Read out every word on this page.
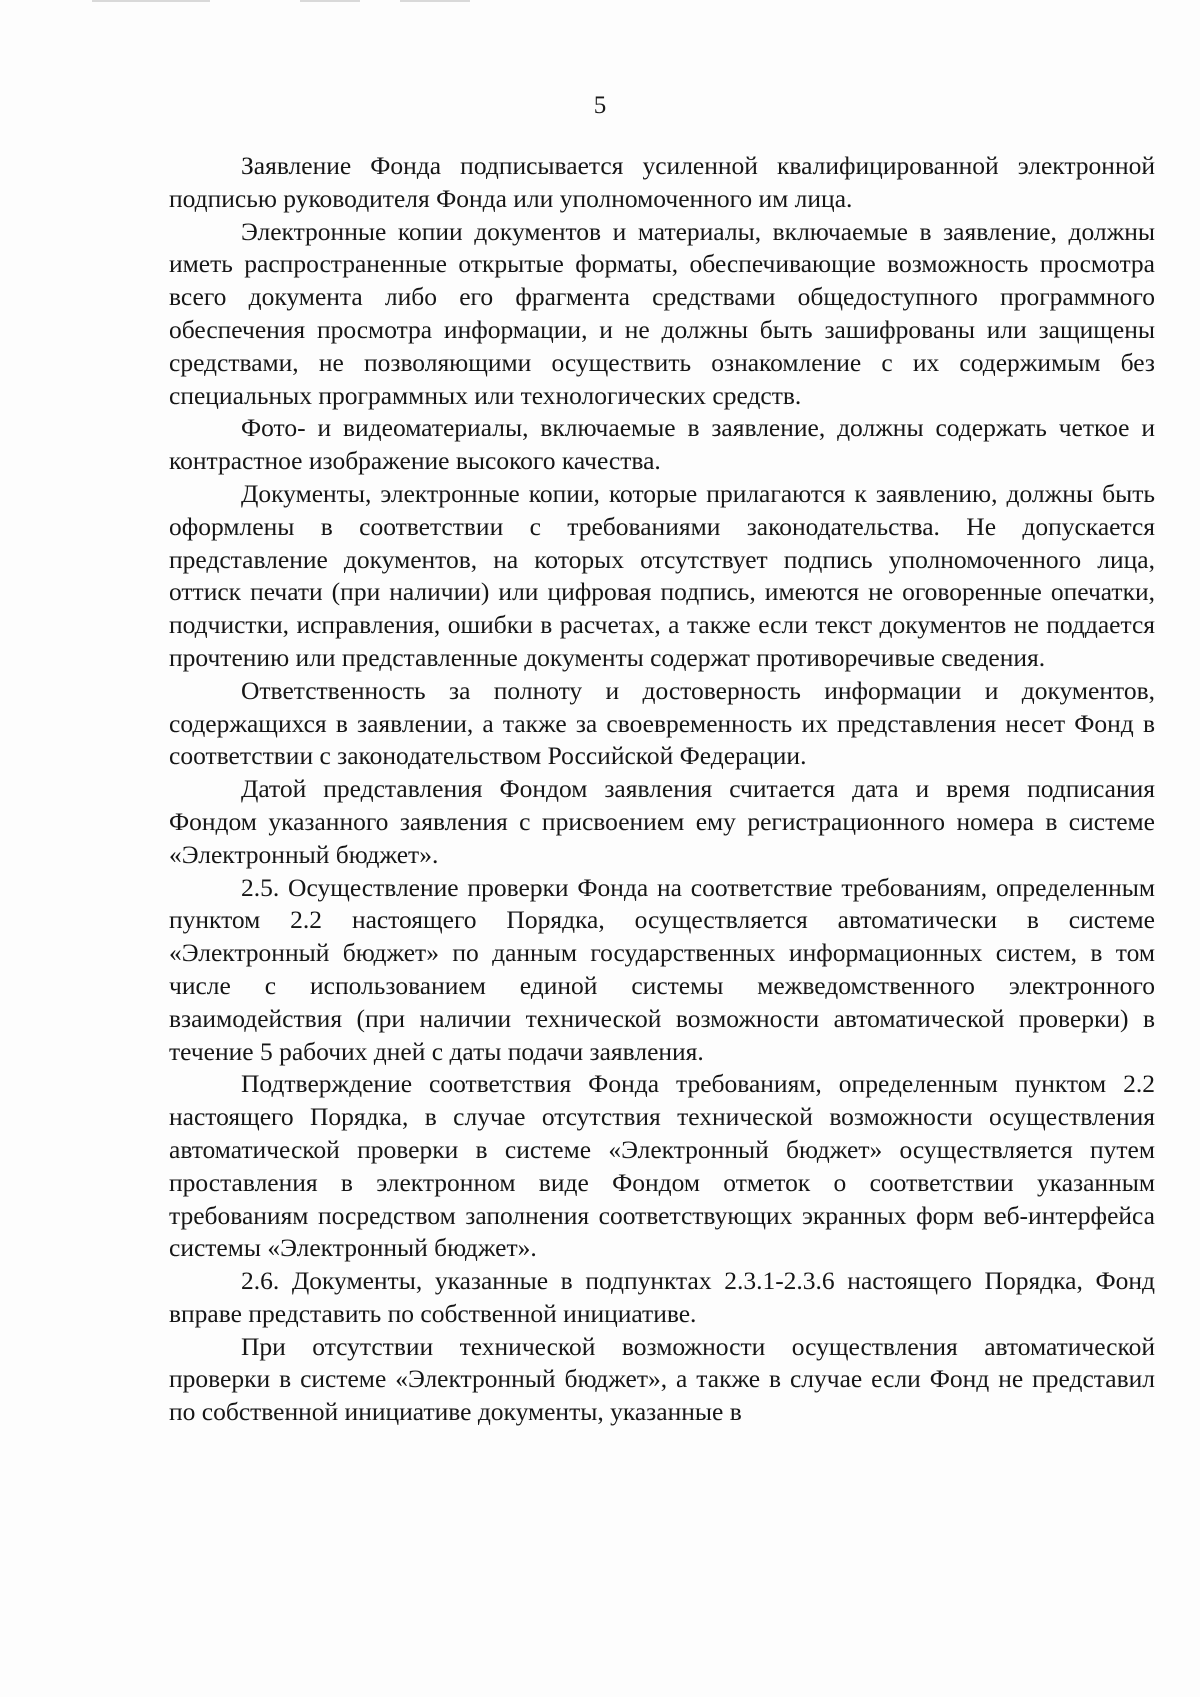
5

Заявление Фонда подписывается усиленной квалифицированной электронной подписью руководителя Фонда или уполномоченного им лица.

Электронные копии документов и материалы, включаемые в заявление, должны иметь распространенные открытые форматы, обеспечивающие возможность просмотра всего документа либо его фрагмента средствами общедоступного программного обеспечения просмотра информации, и не должны быть зашифрованы или защищены средствами, не позволяющими осуществить ознакомление с их содержимым без специальных программных или технологических средств.

Фото- и видеоматериалы, включаемые в заявление, должны содержать четкое и контрастное изображение высокого качества.

Документы, электронные копии, которые прилагаются к заявлению, должны быть оформлены в соответствии с требованиями законодательства. Не допускается представление документов, на которых отсутствует подпись уполномоченного лица, оттиск печати (при наличии) или цифровая подпись, имеются не оговоренные опечатки, подчистки, исправления, ошибки в расчетах, а также если текст документов не поддается прочтению или представленные документы содержат противоречивые сведения.

Ответственность за полноту и достоверность информации и документов, содержащихся в заявлении, а также за своевременность их представления несет Фонд в соответствии с законодательством Российской Федерации.

Датой представления Фондом заявления считается дата и время подписания Фондом указанного заявления с присвоением ему регистрационного номера в системе «Электронный бюджет».

2.5. Осуществление проверки Фонда на соответствие требованиям, определенным пунктом 2.2 настоящего Порядка, осуществляется автоматически в системе «Электронный бюджет» по данным государственных информационных систем, в том числе с использованием единой системы межведомственного электронного взаимодействия (при наличии технической возможности автоматической проверки) в течение 5 рабочих дней с даты подачи заявления.

Подтверждение соответствия Фонда требованиям, определенным пунктом 2.2 настоящего Порядка, в случае отсутствия технической возможности осуществления автоматической проверки в системе «Электронный бюджет» осуществляется путем проставления в электронном виде Фондом отметок о соответствии указанным требованиям посредством заполнения соответствующих экранных форм веб-интерфейса системы «Электронный бюджет».

2.6. Документы, указанные в подпунктах 2.3.1-2.3.6 настоящего Порядка, Фонд вправе представить по собственной инициативе.

При отсутствии технической возможности осуществления автоматической проверки в системе «Электронный бюджет», а также в случае если Фонд не представил по собственной инициативе документы, указанные в
